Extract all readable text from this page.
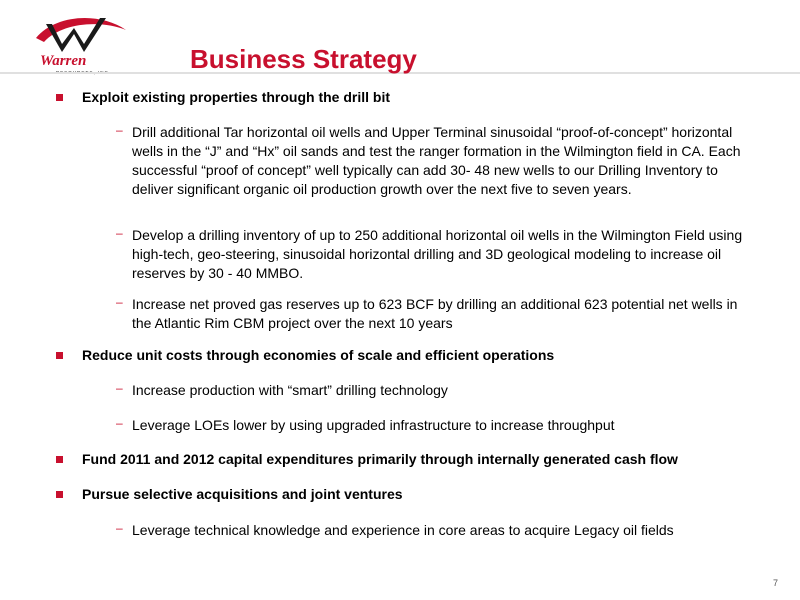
Warren	Business Strategy
Exploit existing properties through the drill bit
– Drill additional Tar horizontal oil wells and Upper Terminal sinusoidal “proof-of-concept” horizontal wells in the “J” and “Hx” oil sands and test the ranger formation in the Wilmington field in CA. Each successful “proof of concept” well typically can add 30- 48 new wells to our Drilling Inventory to deliver significant organic oil production growth over the next five to seven years.
– Develop a drilling inventory of up to 250 additional horizontal oil wells in the Wilmington Field using high-tech, geo-steering, sinusoidal horizontal drilling and 3D geological modeling to increase oil reserves by 30 - 40 MMBO.
– Increase net proved gas reserves up to 623 BCF by drilling an additional 623 potential net wells in the Atlantic Rim CBM project over the next 10 years
Reduce unit costs through economies of scale and efficient operations
– Increase production with “smart” drilling technology
– Leverage LOEs lower by using upgraded infrastructure to increase throughput
Fund 2011 and 2012 capital expenditures primarily through internally generated cash flow
Pursue selective acquisitions and joint ventures
– Leverage technical knowledge and experience in core areas to acquire Legacy oil fields
7
